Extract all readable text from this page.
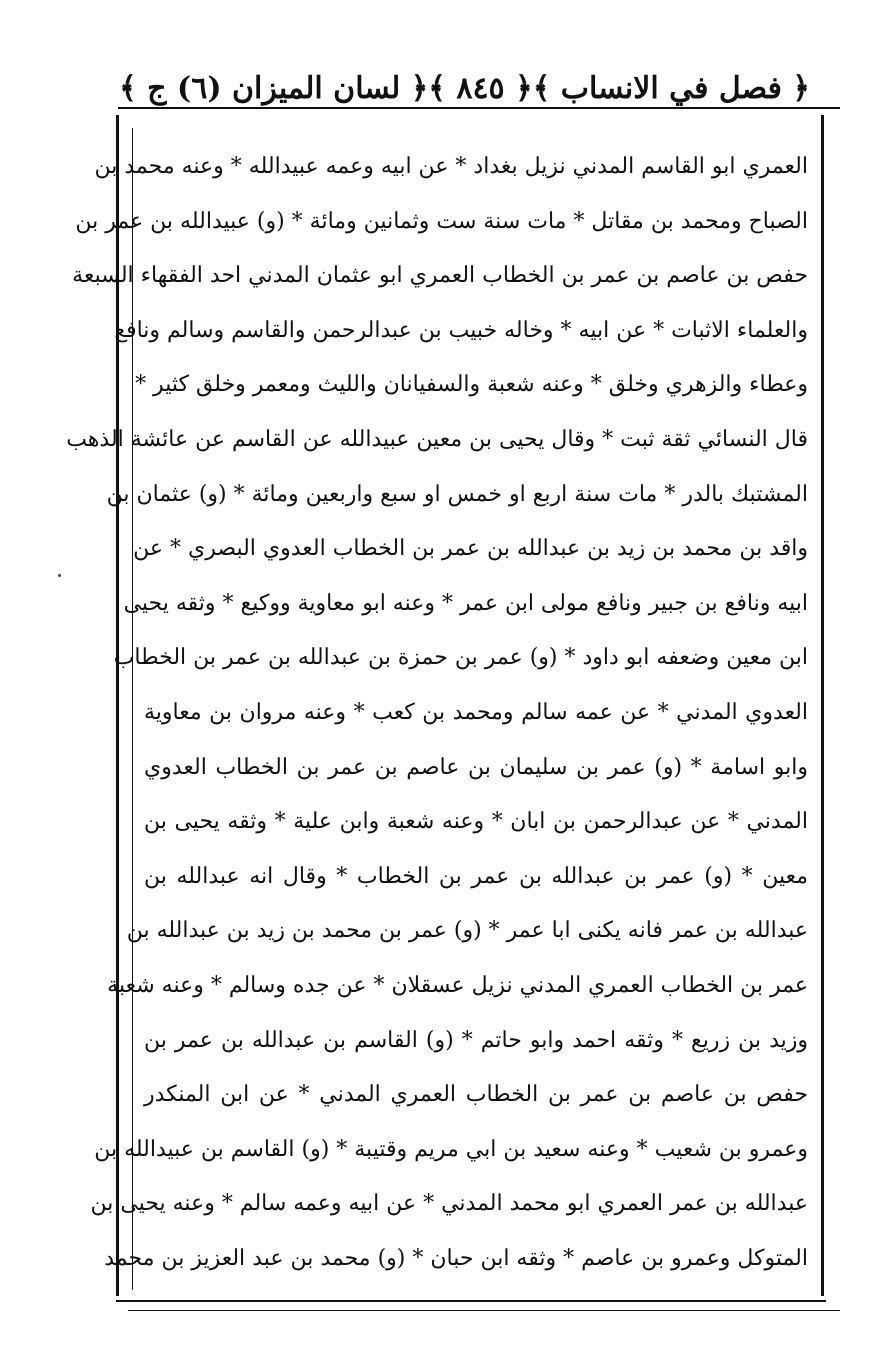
﴿ فصل في الانساب ﴾
﴿ ٨٤٥ ﴾
﴿ لسان الميزان (٦) ج ﴾
العمري ابو القاسم المدني نزيل بغداد * عن ابيه وعمه عبيدالله * وعنه محمد بن
الصباح ومحمد بن مقاتل * مات سنة ست وثمانين ومائة * (و) عبيدالله بن عمر بن
حفص بن عاصم بن عمر بن الخطاب العمري ابو عثمان المدني احد الفقهاء السبعة
والعلماء الاثبات * عن ابيه * وخاله خبيب بن عبدالرحمن والقاسم وسالم ونافع
وعطاء والزهري وخلق * وعنه شعبة والسفيانان والليث ومعمر وخلق كثير *
قال النسائي ثقة ثبت * وقال يحيى بن معين عبيدالله عن القاسم عن عائشة الذهب
المشتبك بالدر * مات سنة اربع او خمس او سبع واربعين ومائة * (و) عثمان بن
واقد بن محمد بن زيد بن عبدالله بن عمر بن الخطاب العدوي البصري * عن
ابيه ونافع بن جبير ونافع مولى ابن عمر * وعنه ابو معاوية ووكيع * وثقه يحيى
ابن معين وضعفه ابو داود * (و) عمر بن حمزة بن عبدالله بن عمر بن الخطاب
العدوي المدني * عن عمه سالم ومحمد بن كعب * وعنه مروان بن معاوية
وابو اسامة * (و) عمر بن سليمان بن عاصم بن عمر بن الخطاب العدوي
المدني * عن عبدالرحمن بن ابان * وعنه شعبة وابن علية * وثقه يحيى بن
معين * (و) عمر بن عبدالله بن عمر بن الخطاب * وقال انه عبدالله بن
عبدالله بن عمر فانه يكنى ابا عمر * (و) عمر بن محمد بن زيد بن عبدالله بن
عمر بن الخطاب العمري المدني نزيل عسقلان * عن جده وسالم * وعنه شعبة
وزيد بن زريع * وثقه احمد وابو حاتم * (و) القاسم بن عبدالله بن عمر بن
حفص بن عاصم بن عمر بن الخطاب العمري المدني * عن ابن المنكدر
وعمرو بن شعيب * وعنه سعيد بن ابي مريم وقتيبة * (و) القاسم بن عبيدالله بن
عبدالله بن عمر العمري ابو محمد المدني * عن ابيه وعمه سالم * وعنه يحيى بن
المتوكل وعمرو بن عاصم * وثقه ابن حبان * (و) محمد بن عبد العزيز بن محمد
